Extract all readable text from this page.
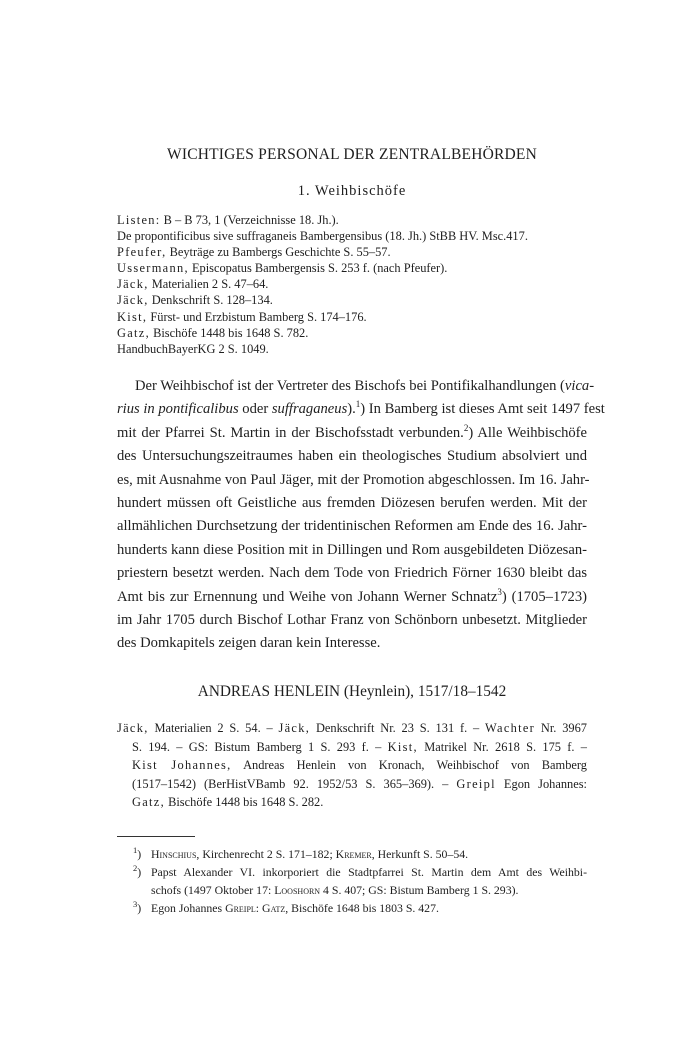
WICHTIGES PERSONAL DER ZENTRALBEHÖRDEN
1. Weihbischöfe
Listen: B – B 73, 1 (Verzeichnisse 18. Jh.).
De propontificibus sive suffraganeis Bambergensibus (18. Jh.) StBB HV. Msc.417.
Pfeufer, Beyträge zu Bambergs Geschichte S. 55–57.
Ussermann, Episcopatus Bambergensis S. 253 f. (nach Pfeufer).
Jäck, Materialien 2 S. 47–64.
Jäck, Denkschrift S. 128–134.
Kist, Fürst- und Erzbistum Bamberg S. 174–176.
Gatz, Bischöfe 1448 bis 1648 S. 782.
HandbuchBayerKG 2 S. 1049.
Der Weihbischof ist der Vertreter des Bischofs bei Pontifikalhandlungen (vica-
rius in pontificalibus oder suffraganeus).$^1$) In Bamberg ist dieses Amt seit 1497 fest
mit der Pfarrei St. Martin in der Bischofsstadt verbunden.$^2$) Alle Weihbischöfe
des Untersuchungszeitraumes haben ein theologisches Studium absolviert und
es, mit Ausnahme von Paul Jäger, mit der Promotion abgeschlossen. Im 16. Jahr-
hundert müssen oft Geistliche aus fremden Diözesen berufen werden. Mit der
allmählichen Durchsetzung der tridentinischen Reformen am Ende des 16. Jahr-
hunderts kann diese Position mit in Dillingen und Rom ausgebildeten Diözesan-
priestern besetzt werden. Nach dem Tode von Friedrich Förner 1630 bleibt das
Amt bis zur Ernennung und Weihe von Johann Werner Schnatz$^3$) (1705–1723)
im Jahr 1705 durch Bischof Lothar Franz von Schönborn unbesetzt. Mitglieder
des Domkapitels zeigen daran kein Interesse.
ANDREAS HENLEIN (Heynlein), 1517/18–1542
Jäck, Materialien 2 S. 54. – Jäck, Denkschrift Nr. 23 S. 131 f. – Wachter Nr. 3967
S. 194. – GS: Bistum Bamberg 1 S. 293 f. – Kist, Matrikel Nr. 2618 S. 175 f. –
Kist Johannes, Andreas Henlein von Kronach, Weihbischof von Bamberg
(1517–1542) (BerHistVBamb 92. 1952/53 S. 365–369). – Greipl Egon Johannes:
Gatz, Bischöfe 1448 bis 1648 S. 282.
$^1$) Hinschius, Kirchenrecht 2 S. 171–182; Kremer, Herkunft S. 50–54.
$^2$) Papst Alexander VI. inkorporiert die Stadtpfarrei St. Martin dem Amt des Weihbi-
schofs (1497 Oktober 17: Looshorn 4 S. 407; GS: Bistum Bamberg 1 S. 293).
$^3$) Egon Johannes Greipl: Gatz, Bischöfe 1648 bis 1803 S. 427.
